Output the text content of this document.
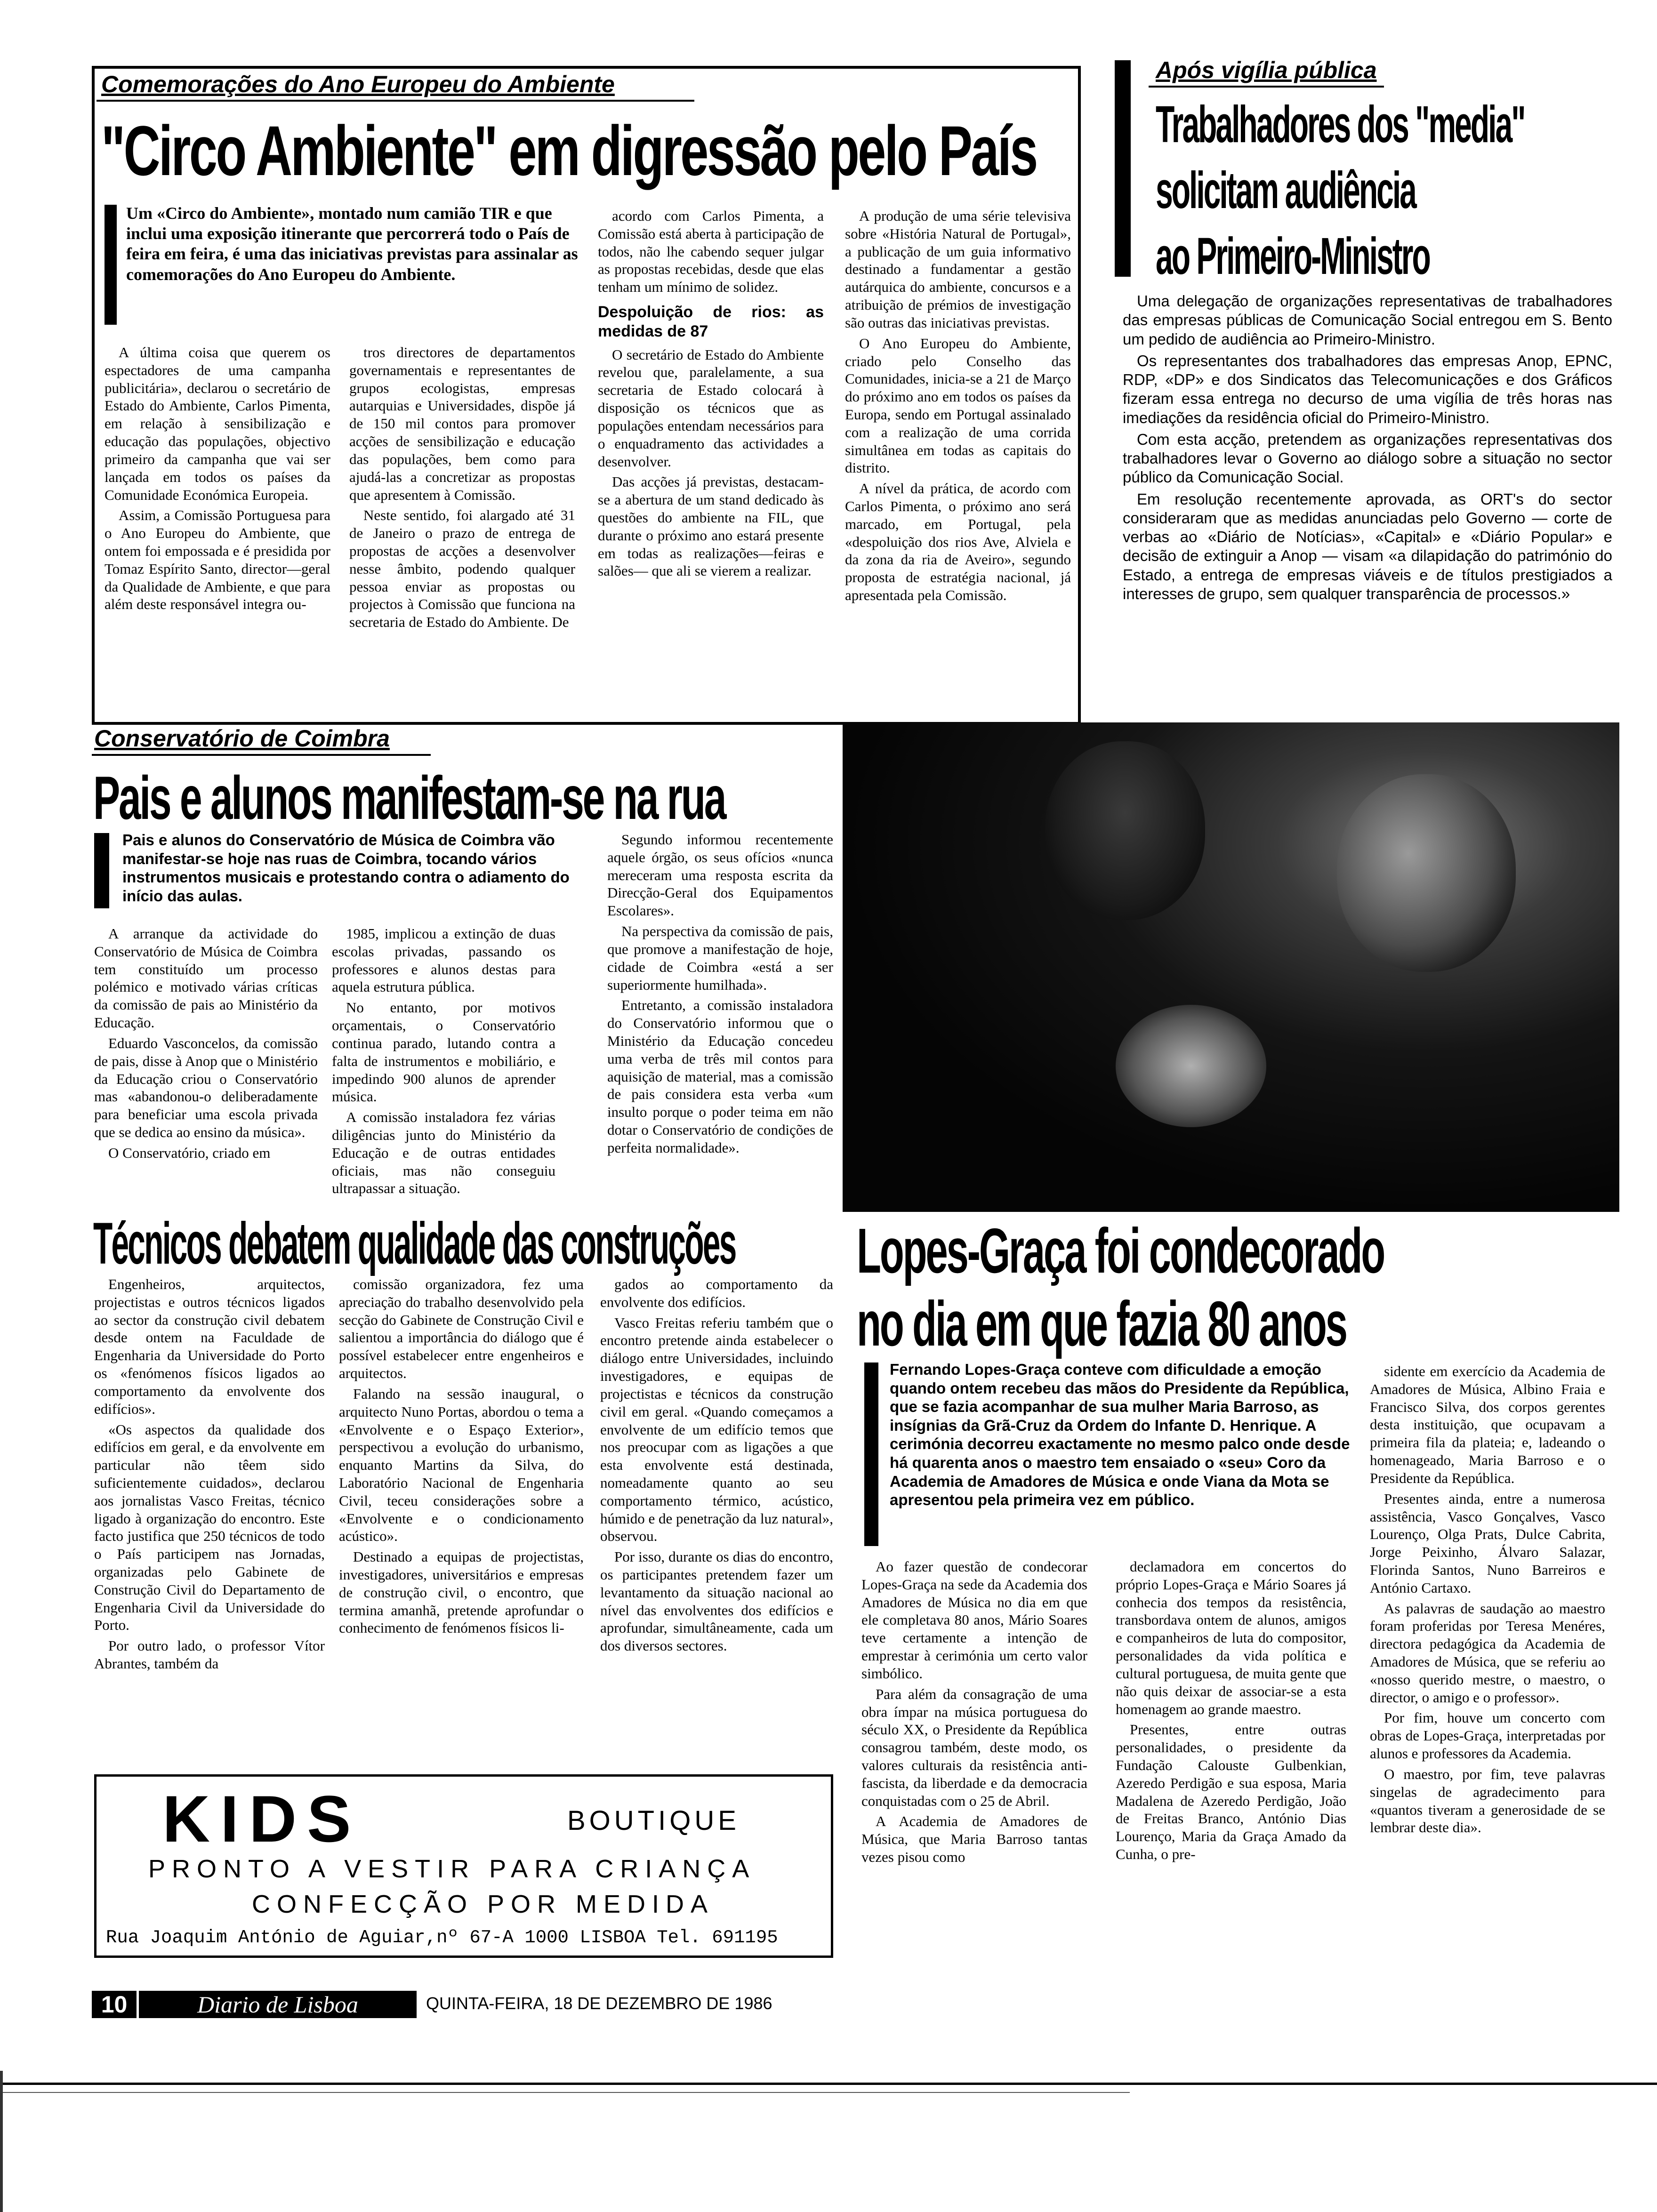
Comemorações do Ano Europeu do Ambiente
"Circo Ambiente" em digressão pelo País
Um «Circo do Ambiente», montado num camião TIR e que inclui uma exposição itinerante que percorrerá todo o País de feira em feira, é uma das iniciativas previstas para assinalar as comemorações do Ano Europeu do Ambiente.

A última coisa que querem os espectadores de uma campanha publicitária», declarou o secretário de Estado do Ambiente, Carlos Pimenta, em relação à sensibilização e educação das populações, objectivo primeiro da campanha que vai ser lançada em todos os países da Comunidade Económica Europeia.

Assim, a Comissão Portuguesa para o Ano Europeu do Ambiente, que ontem foi empossada e é presidida por Tomaz Espírito Santo, director—geral da Qualidade de Ambiente, e que para além deste responsável integra ou-

tros directores de departamentos governamentais e representantes de grupos ecologistas, empresas autarquias e Universidades, dispõe já de 150 mil contos para promover acções de sensibilização e educação das populações, bem como para ajudá-las a concretizar as propostas que apresentem à Comissão.

Neste sentido, foi alargado até 31 de Janeiro o prazo de entrega de propostas de acções a desenvolver nesse âmbito, podendo qualquer pessoa enviar as propostas ou projectos à Comissão que funciona na secretaria de Estado do Ambiente. De

acordo com Carlos Pimenta, a Comissão está aberta à participação de todos, não lhe cabendo sequer julgar as propostas recebidas, desde que elas tenham um mínimo de solidez.

Despoluição de rios: as medidas de 87

O secretário de Estado do Ambiente revelou que, paralelamente, a sua secretaria de Estado colocará à disposição os técnicos que as populações entendam necessários para o enquadramento das actividades a desenvolver.

Das acções já previstas, destacam-se a abertura de um stand dedicado às questões do ambiente na FIL, que durante o próximo ano estará presente em todas as realizações—feiras e salões— que ali se vierem a realizar.

A produção de uma série televisiva sobre «História Natural de Portugal», a publicação de um guia informativo destinado a fundamentar a gestão autárquica do ambiente, concursos e a atribuição de prémios de investigação são outras das iniciativas previstas.

O Ano Europeu do Ambiente, criado pelo Conselho das Comunidades, inicia-se a 21 de Março do próximo ano em todos os países da Europa, sendo em Portugal assinalado com a realização de uma corrida simultânea em todas as capitais do distrito.

A nível da prática, de acordo com Carlos Pimenta, o próximo ano será marcado, em Portugal, pela «despoluição dos rios Ave, Alviela e da zona da ria de Aveiro», segundo proposta de estratégia nacional, já apresentada pela Comissão.

Após vigília pública
Trabalhadores dos "media"
solicitam audiência
ao Primeiro-Ministro

Uma delegação de organizações representativas de trabalhadores das empresas públicas de Comunicação Social entregou em S. Bento um pedido de audiência ao Primeiro-Ministro.

Os representantes dos trabalhadores das empresas Anop, EPNC, RDP, «DP» e dos Sindicatos das Telecomunicações e dos Gráficos fizeram essa entrega no decurso de uma vigília de três horas nas imediações da residência oficial do Primeiro-Ministro.

Com esta acção, pretendem as organizações representativas dos trabalhadores levar o Governo ao diálogo sobre a situação no sector público da Comunicação Social.

Em resolução recentemente aprovada, as ORT's do sector consideraram que as medidas anunciadas pelo Governo — corte de verbas ao «Diário de Notícias», «Capital» e «Diário Popular» e decisão de extinguir a Anop — visam «a dilapidação do património do Estado, a entrega de empresas viáveis e de títulos prestigiados a interesses de grupo, sem qualquer transparência de processos.»

Conservatório de Coimbra
Pais e alunos manifestam-se na rua
Pais e alunos do Conservatório de Música de Coimbra vão manifestar-se hoje nas ruas de Coimbra, tocando vários instrumentos musicais e protestando contra o adiamento do início das aulas.

A arranque da actividade do Conservatório de Música de Coimbra tem constituído um processo polémico e motivado várias críticas da comissão de pais ao Ministério da Educação.

Eduardo Vasconcelos, da comissão de pais, disse à Anop que o Ministério da Educação criou o Conservatório mas «abandonou-o deliberadamente para beneficiar uma escola privada que se dedica ao ensino da música».

O Conservatório, criado em

1985, implicou a extinção de duas escolas privadas, passando os professores e alunos destas para aquela estrutura pública.

No entanto, por motivos orçamentais, o Conservatório continua parado, lutando contra a falta de instrumentos e mobiliário, e impedindo 900 alunos de aprender música.

A comissão instaladora fez várias diligências junto do Ministério da Educação e de outras entidades oficiais, mas não conseguiu ultrapassar a situação.

Segundo informou recentemente aquele órgão, os seus ofícios «nunca mereceram uma resposta escrita da Direcção-Geral dos Equipamentos Escolares».

Na perspectiva da comissão de pais, que promove a manifestação de hoje, cidade de Coimbra «está a ser superiormente humilhada».

Entretanto, a comissão instaladora do Conservatório informou que o Ministério da Educação concedeu uma verba de três mil contos para aquisição de material, mas a comissão de pais considera esta verba «um insulto porque o poder teima em não dotar o Conservatório de condições de perfeita normalidade».

Técnicos debatem qualidade das construções

Engenheiros, arquitectos, projectistas e outros técnicos ligados ao sector da construção civil debatem desde ontem na Faculdade de Engenharia da Universidade do Porto os «fenómenos físicos ligados ao comportamento da envolvente dos edifícios».

«Os aspectos da qualidade dos edifícios em geral, e da envolvente em particular não têem sido suficientemente cuidados», declarou aos jornalistas Vasco Freitas, técnico ligado à organização do encontro. Este facto justifica que 250 técnicos de todo o País participem nas Jornadas, organizadas pelo Gabinete de Construção Civil do Departamento de Engenharia Civil da Universidade do Porto.

Por outro lado, o professor Vítor Abrantes, também da

comissão organizadora, fez uma apreciação do trabalho desenvolvido pela secção do Gabinete de Construção Civil e salientou a importância do diálogo que é possível estabelecer entre engenheiros e arquitectos.

Falando na sessão inaugural, o arquitecto Nuno Portas, abordou o tema a «Envolvente e o Espaço Exterior», perspectivou a evolução do urbanismo, enquanto Martins da Silva, do Laboratório Nacional de Engenharia Civil, teceu considerações sobre a «Envolvente e o condicionamento acústico».

Destinado a equipas de projectistas, investigadores, universitários e empresas de construção civil, o encontro, que termina amanhã, pretende aprofundar o conhecimento de fenómenos físicos li-

gados ao comportamento da envolvente dos edifícios.

Vasco Freitas referiu também que o encontro pretende ainda estabelecer o diálogo entre Universidades, incluindo investigadores, e equipas de projectistas e técnicos da construção civil em geral. «Quando começamos a envolvente de um edifício temos que nos preocupar com as ligações a que esta envolvente está destinada, nomeadamente quanto ao seu comportamento térmico, acústico, húmido e de penetração da luz natural», observou.

Por isso, durante os dias do encontro, os participantes pretendem fazer um levantamento da situação nacional ao nível das envolventes dos edifícios e aprofundar, simultâneamente, cada um dos diversos sectores.

Lopes-Graça foi condecorado
no dia em que fazia 80 anos
Fernando Lopes-Graça conteve com dificuldade a emoção quando ontem recebeu das mãos do Presidente da República, que se fazia acompanhar de sua mulher Maria Barroso, as insígnias da Grã-Cruz da Ordem do Infante D. Henrique. A cerimónia decorreu exactamente no mesmo palco onde desde há quarenta anos o maestro tem ensaiado o «seu» Coro da Academia de Amadores de Música e onde Viana da Mota se apresentou pela primeira vez em público.

Ao fazer questão de condecorar Lopes-Graça na sede da Academia dos Amadores de Música no dia em que ele completava 80 anos, Mário Soares teve certamente a intenção de emprestar à cerimónia um certo valor simbólico.

Para além da consagração de uma obra ímpar na música portuguesa do século XX, o Presidente da República consagrou também, deste modo, os valores culturais da resistência anti-fascista, da liberdade e da democracia conquistadas com o 25 de Abril.

A Academia de Amadores de Música, que Maria Barroso tantas vezes pisou como

declamadora em concertos do próprio Lopes-Graça e Mário Soares já conhecia dos tempos da resistência, transbordava ontem de alunos, amigos e companheiros de luta do compositor, personalidades da vida política e cultural portuguesa, de muita gente que não quis deixar de associar-se a esta homenagem ao grande maestro.

Presentes, entre outras personalidades, o presidente da Fundação Calouste Gulbenkian, Azeredo Perdigão e sua esposa, Maria Madalena de Azeredo Perdigão, João de Freitas Branco, António Dias Lourenço, Maria da Graça Amado da Cunha, o pre-

sidente em exercício da Academia de Amadores de Música, Albino Fraia e Francisco Silva, dos corpos gerentes desta instituição, que ocupavam a primeira fila da plateia; e, ladeando o homenageado, Maria Barroso e o Presidente da República.

Presentes ainda, entre a numerosa assistência, Vasco Gonçalves, Vasco Lourenço, Olga Prats, Dulce Cabrita, Jorge Peixinho, Álvaro Salazar, Florinda Santos, Nuno Barreiros e António Cartaxo.

As palavras de saudação ao maestro foram proferidas por Teresa Menéres, directora pedagógica da Academia de Amadores de Música, que se referiu ao «nosso querido mestre, o maestro, o director, o amigo e o professor».

Por fim, houve um concerto com obras de Lopes-Graça, interpretadas por alunos e professores da Academia.

O maestro, por fim, teve palavras singelas de agradecimento para «quantos tiveram a generosidade de se lembrar deste dia».

KIDS	BOUTIQUE
PRONTO A VESTIR PARA CRIANÇA
CONFECÇÃO POR MEDIDA
Rua Joaquim António de Aguiar,nº 67-A 1000 LISBOA Tel. 691195
10	Diario de Lisboa	QUINTA-FEIRA, 18 DE DEZEMBRO DE 1986
